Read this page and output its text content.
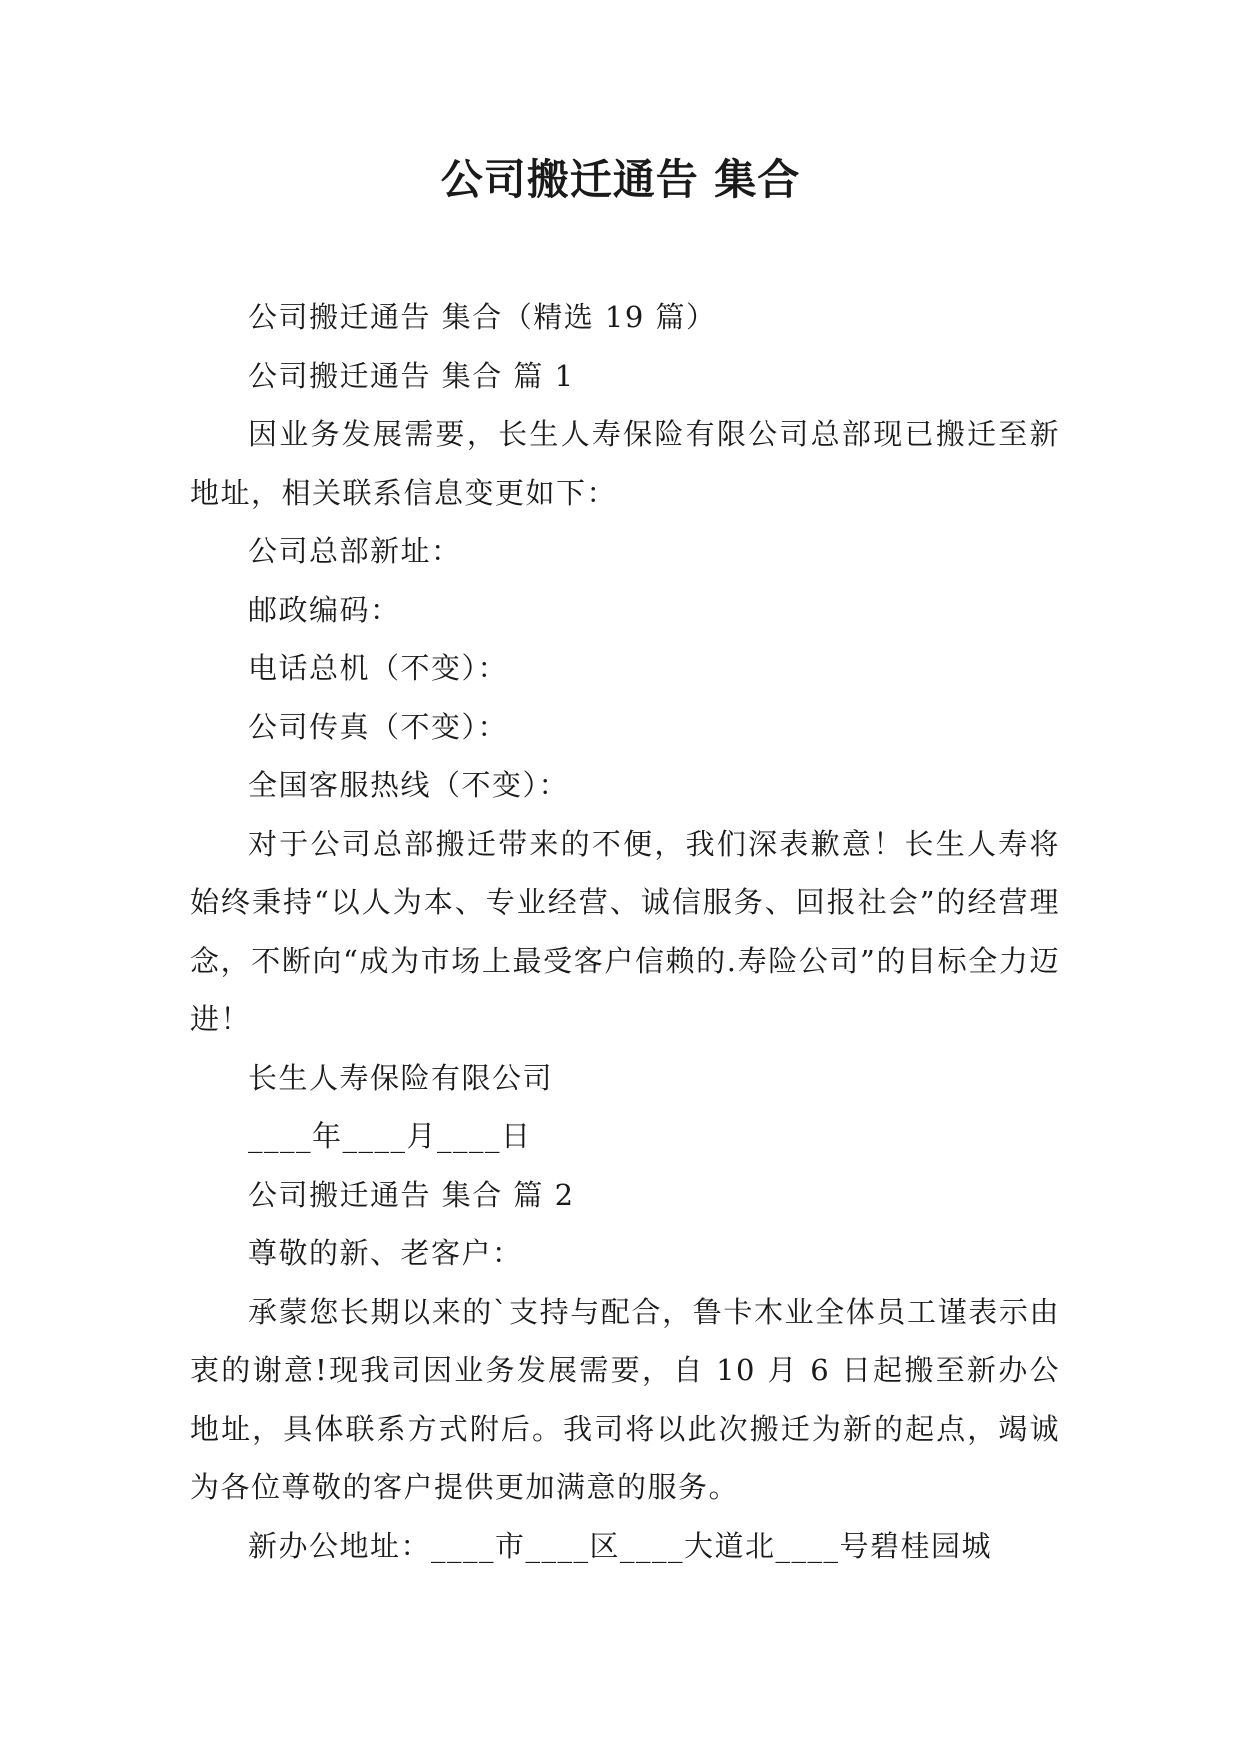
公司搬迁通告 集合

公司搬迁通告 集合（精选 19 篇）

公司搬迁通告 集合 篇 1

因业务发展需要，长生人寿保险有限公司总部现已搬迁至新地址，相关联系信息变更如下：

公司总部新址：

邮政编码：

电话总机（不变）：

公司传真（不变）：

全国客服热线（不变）：

对于公司总部搬迁带来的不便，我们深表歉意！长生人寿将始终秉持“以人为本、专业经营、诚信服务、回报社会”的经营理念，不断向“成为市场上最受客户信赖的.寿险公司”的目标全力迈进！

长生人寿保险有限公司

____年____月____日

公司搬迁通告 集合 篇 2

尊敬的新、老客户：

承蒙您长期以来的`支持与配合，鲁卡木业全体员工谨表示由衷的谢意!现我司因业务发展需要，自 10 月 6 日起搬至新办公地址，具体联系方式附后。我司将以此次搬迁为新的起点，竭诚为各位尊敬的客户提供更加满意的服务。

新办公地址：____市____区____大道北____号碧桂园城
